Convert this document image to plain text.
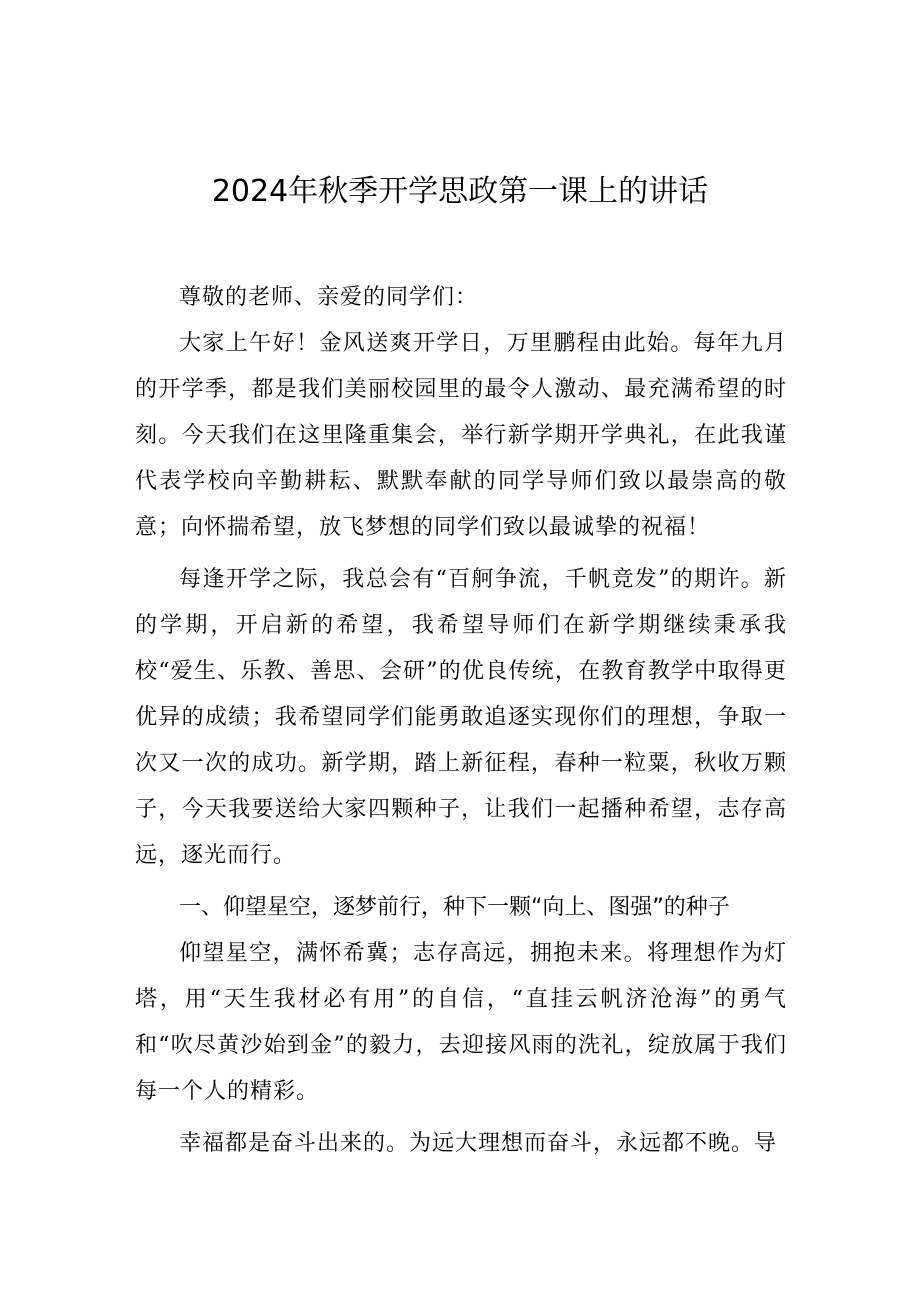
2024年秋季开学思政第一课上的讲话

尊敬的老师、亲爱的同学们：

大家上午好！金风送爽开学日，万里鹏程由此始。每年九月的开学季，都是我们美丽校园里的最令人激动、最充满希望的时刻。今天我们在这里隆重集会，举行新学期开学典礼，在此我谨代表学校向辛勤耕耘、默默奉献的同学导师们致以最崇高的敬意；向怀揣希望，放飞梦想的同学们致以最诚挚的祝福！

每逢开学之际，我总会有“百舸争流，千帆竞发”的期许。新的学期，开启新的希望，我希望导师们在新学期继续秉承我校“爱生、乐教、善思、会研”的优良传统，在教育教学中取得更优异的成绩；我希望同学们能勇敢追逐实现你们的理想，争取一次又一次的成功。新学期，踏上新征程，春种一粒粟，秋收万颗子，今天我要送给大家四颗种子，让我们一起播种希望，志存高远，逐光而行。

一、仰望星空，逐梦前行，种下一颗“向上、图强”的种子

仰望星空，满怀希冀；志存高远，拥抱未来。将理想作为灯塔，用“天生我材必有用”的自信，“直挂云帆济沧海”的勇气和“吹尽黄沙始到金”的毅力，去迎接风雨的洗礼，绽放属于我们每一个人的精彩。

幸福都是奋斗出来的。为远大理想而奋斗，永远都不晚。导
